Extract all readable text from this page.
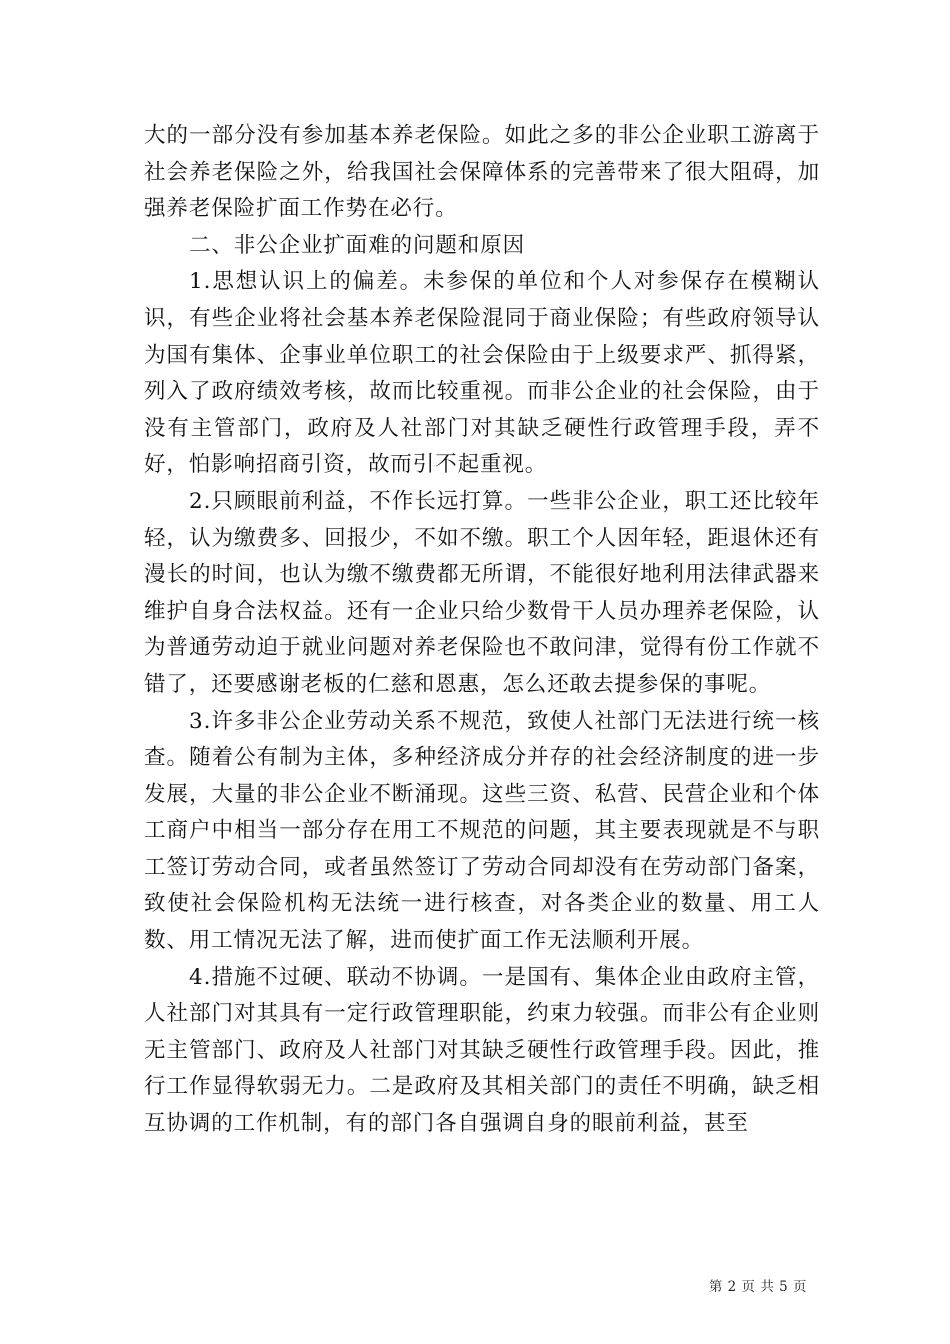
大的一部分没有参加基本养老保险。如此之多的非公企业职工游离于社会养老保险之外，给我国社会保障体系的完善带来了很大阻碍，加强养老保险扩面工作势在必行。

二、非公企业扩面难的问题和原因

1.思想认识上的偏差。未参保的单位和个人对参保存在模糊认识，有些企业将社会基本养老保险混同于商业保险；有些政府领导认为国有集体、企事业单位职工的社会保险由于上级要求严、抓得紧，列入了政府绩效考核，故而比较重视。而非公企业的社会保险，由于没有主管部门，政府及人社部门对其缺乏硬性行政管理手段，弄不好，怕影响招商引资，故而引不起重视。

2.只顾眼前利益，不作长远打算。一些非公企业，职工还比较年轻，认为缴费多、回报少，不如不缴。职工个人因年轻，距退休还有漫长的时间，也认为缴不缴费都无所谓，不能很好地利用法律武器来维护自身合法权益。还有一企业只给少数骨干人员办理养老保险，认为普通劳动迫于就业问题对养老保险也不敢问津，觉得有份工作就不错了，还要感谢老板的仁慈和恩惠，怎么还敢去提参保的事呢。

3.许多非公企业劳动关系不规范，致使人社部门无法进行统一核查。随着公有制为主体，多种经济成分并存的社会经济制度的进一步发展，大量的非公企业不断涌现。这些三资、私营、民营企业和个体工商户中相当一部分存在用工不规范的问题，其主要表现就是不与职工签订劳动合同，或者虽然签订了劳动合同却没有在劳动部门备案，致使社会保险机构无法统一进行核查，对各类企业的数量、用工人数、用工情况无法了解，进而使扩面工作无法顺利开展。

4.措施不过硬、联动不协调。一是国有、集体企业由政府主管，人社部门对其具有一定行政管理职能，约束力较强。而非公有企业则无主管部门、政府及人社部门对其缺乏硬性行政管理手段。因此，推行工作显得软弱无力。二是政府及其相关部门的责任不明确，缺乏相互协调的工作机制，有的部门各自强调自身的眼前利益，甚至

第 2 页 共 5 页
